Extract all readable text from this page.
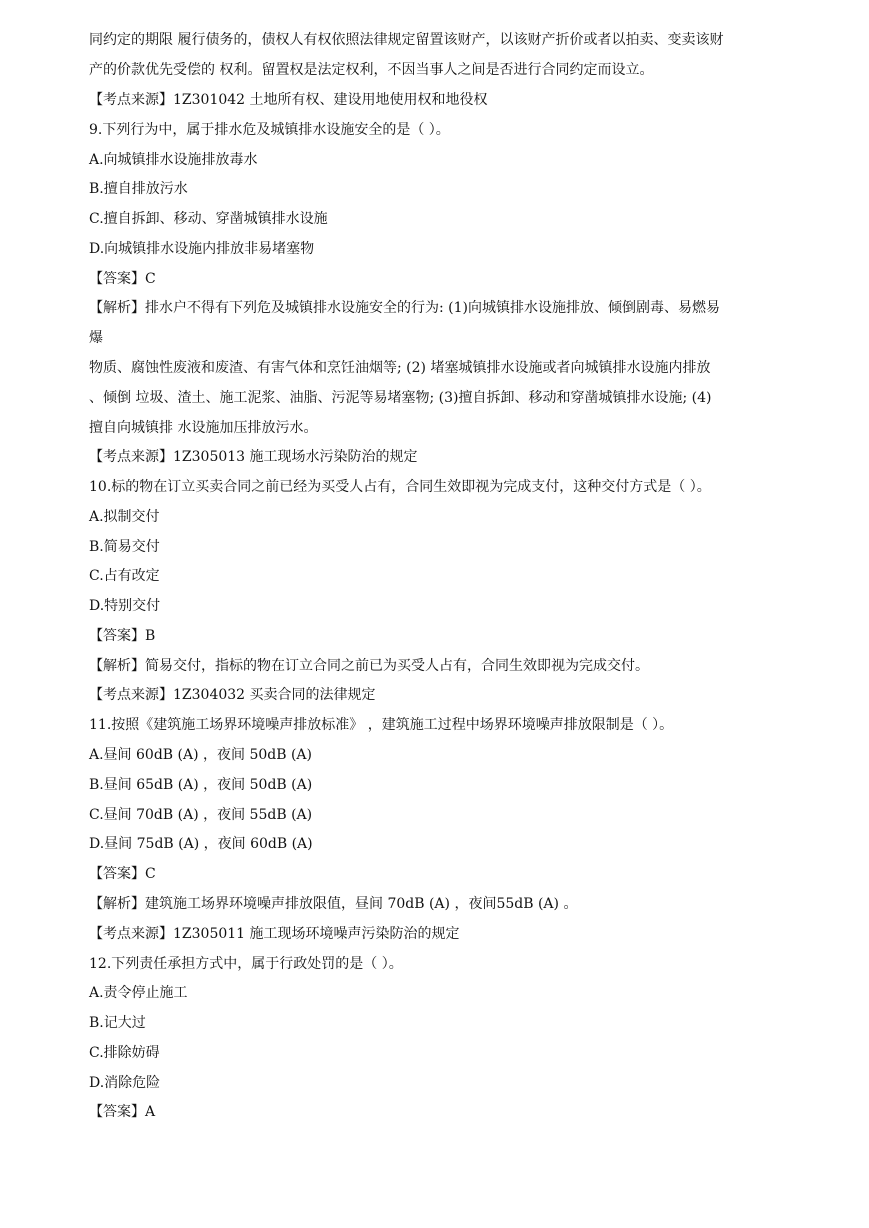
同约定的期限 履行债务的，债权人有权依照法律规定留置该财产，以该财产折价或者以拍卖、变卖该财
产的价款优先受偿的 权利。留置权是法定权利，不因当事人之间是否进行合同约定而设立。
【考点来源】1Z301042 土地所有权、建设用地使用权和地役权
9.下列行为中，属于排水危及城镇排水设施安全的是（ ）。
A.向城镇排水设施排放毒水
B.擅自排放污水
C.擅自拆卸、移动、穿凿城镇排水设施
D.向城镇排水设施内排放非易堵塞物
【答案】C
【解析】排水户不得有下列危及城镇排水设施安全的行为: (1)向城镇排水设施排放、倾倒剧毒、易燃易
爆
物质、腐蚀性废液和废渣、有害气体和烹饪油烟等; (2) 堵塞城镇排水设施或者向城镇排水设施内排放
、倾倒 垃圾、渣土、施工泥浆、油脂、污泥等易堵塞物; (3)擅自拆卸、移动和穿凿城镇排水设施; (4)
擅自向城镇排 水设施加压排放污水。
【考点来源】1Z305013 施工现场水污染防治的规定
10.标的物在订立买卖合同之前已经为买受人占有，合同生效即视为完成支付，这种交付方式是（ ）。
A.拟制交付
B.简易交付
C.占有改定
D.特别交付
【答案】B
【解析】简易交付，指标的物在订立合同之前已为买受人占有，合同生效即视为完成交付。
【考点来源】1Z304032 买卖合同的法律规定
11.按照《建筑施工场界环境噪声排放标准》 ，建筑施工过程中场界环境噪声排放限制是（ ）。
A.昼间 60dB (A) ，夜间 50dB (A)
B.昼间 65dB (A) ，夜间 50dB (A)
C.昼间 70dB (A) ，夜间 55dB (A)
D.昼间 75dB (A) ，夜间 60dB (A)
【答案】C
【解析】建筑施工场界环境噪声排放限值，昼间 70dB (A) ，夜间55dB (A) 。
【考点来源】1Z305011 施工现场环境噪声污染防治的规定
12.下列责任承担方式中，属于行政处罚的是（ ）。
A.责令停止施工
B.记大过
C.排除妨碍
D.消除危险
【答案】A
